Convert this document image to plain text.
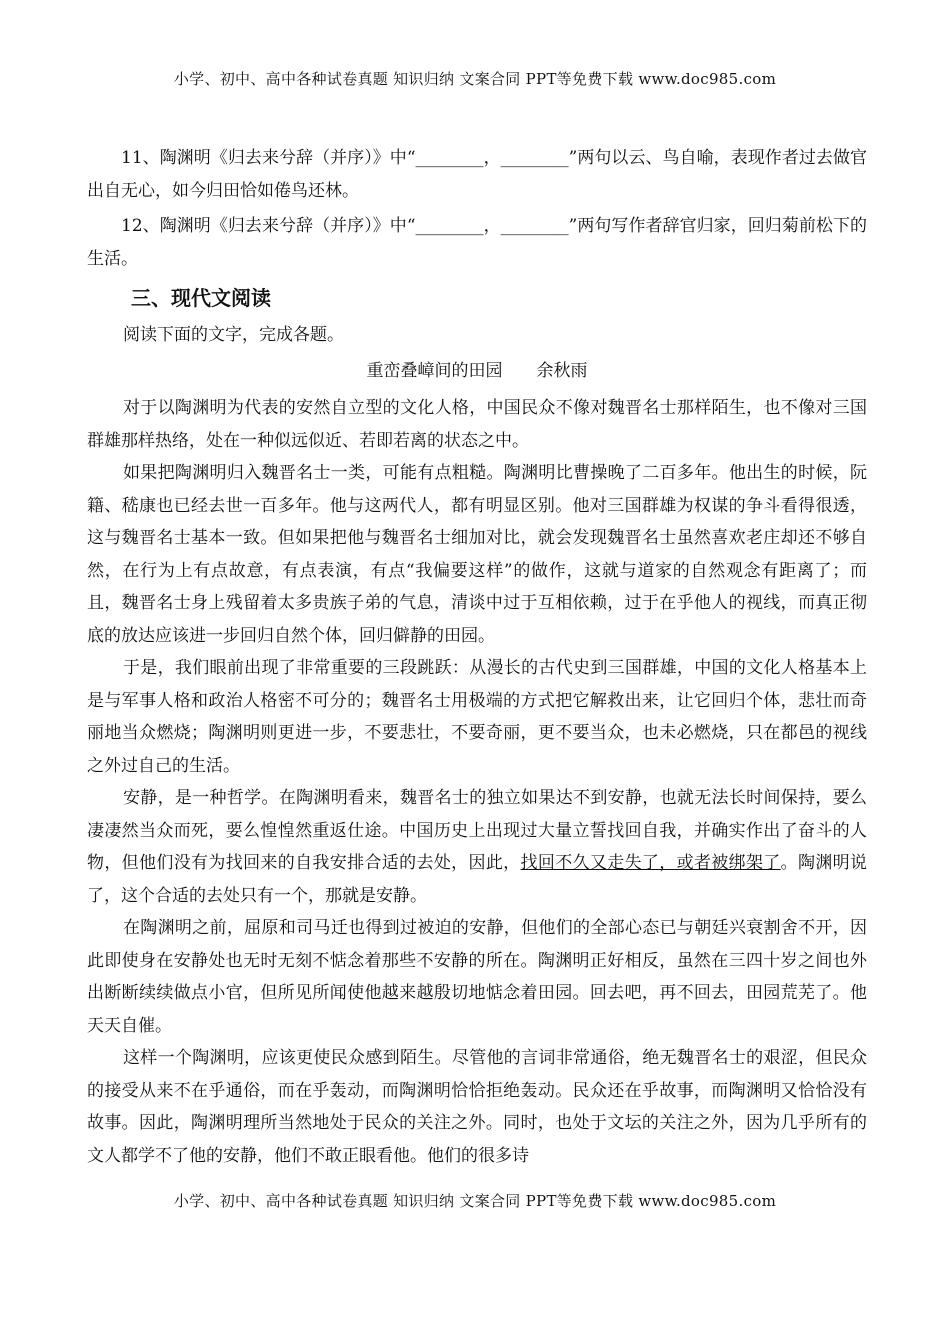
小学、初中、高中各种试卷真题 知识归纳 文案合同 PPT等免费下载 www.doc985.com

11、陶渊明《归去来兮辞（并序）》中“________，________”两句以云、鸟自喻，表现作者过去做官出自无心，如今归田恰如倦鸟还林。

12、陶渊明《归去来兮辞（并序）》中“________，________”两句写作者辞官归家，回归菊前松下的生活。

三、现代文阅读
阅读下面的文字，完成各题。
重峦叠嶂间的田园 余秋雨

对于以陶渊明为代表的安然自立型的文化人格，中国民众不像对魏晋名士那样陌生，也不像对三国群雄那样热络，处在一种似远似近、若即若离的状态之中。

如果把陶渊明归入魏晋名士一类，可能有点粗糙。陶渊明比曹操晚了二百多年。他出生的时候，阮籍、嵇康也已经去世一百多年。他与这两代人，都有明显区别。他对三国群雄为权谋的争斗看得很透，这与魏晋名士基本一致。但如果把他与魏晋名士细加对比，就会发现魏晋名士虽然喜欢老庄却还不够自然，在行为上有点故意，有点表演，有点“我偏要这样”的做作，这就与道家的自然观念有距离了；而且，魏晋名士身上残留着太多贵族子弟的气息，清谈中过于互相依赖，过于在乎他人的视线，而真正彻底的放达应该进一步回归自然个体，回归僻静的田园。

于是，我们眼前出现了非常重要的三段跳跃：从漫长的古代史到三国群雄，中国的文化人格基本上是与军事人格和政治人格密不可分的；魏晋名士用极端的方式把它解救出来，让它回归个体，悲壮而奇丽地当众燃烧；陶渊明则更进一步，不要悲壮，不要奇丽，更不要当众，也未必燃烧，只在都邑的视线之外过自己的生活。

安静，是一种哲学。在陶渊明看来，魏晋名士的独立如果达不到安静，也就无法长时间保持，要么凄凄然当众而死，要么惶惶然重返仕途。中国历史上出现过大量立誓找回自我，并确实作出了奋斗的人物，但他们没有为找回来的自我安排合适的去处，因此，找回不久又走失了，或者被绑架了。陶渊明说了，这个合适的去处只有一个，那就是安静。

在陶渊明之前，屈原和司马迁也得到过被迫的安静，但他们的全部心态已与朝廷兴衰割舍不开，因此即使身在安静处也无时无刻不惦念着那些不安静的所在。陶渊明正好相反，虽然在三四十岁之间也外出断断续续做点小官，但所见所闻使他越来越殷切地惦念着田园。回去吧，再不回去，田园荒芜了。他天天自催。

这样一个陶渊明，应该更使民众感到陌生。尽管他的言词非常通俗，绝无魏晋名士的艰涩，但民众的接受从来不在乎通俗，而在乎轰动，而陶渊明恰恰拒绝轰动。民众还在乎故事，而陶渊明又恰恰没有故事。因此，陶渊明理所当然地处于民众的关注之外。同时，也处于文坛的关注之外，因为几乎所有的文人都学不了他的安静，他们不敢正眼看他。他们的很多诗

小学、初中、高中各种试卷真题 知识归纳 文案合同 PPT等免费下载 www.doc985.com
